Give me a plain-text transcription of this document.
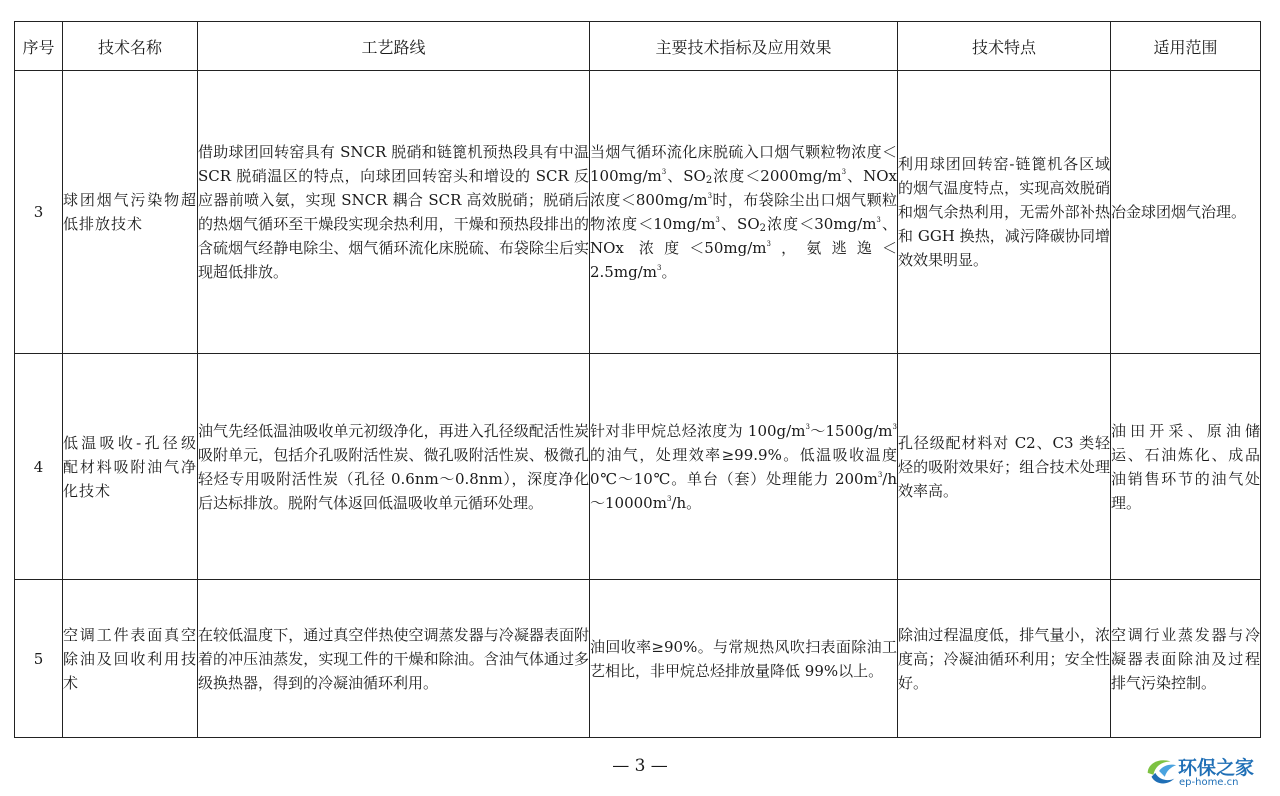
序号	技术名称	工艺路线	主要技术指标及应用效果	技术特点	适用范围
3	球团烟气污染物超低排放技术	借助球团回转窑具有 SNCR 脱硝和链篦机预热段具有中温 SCR 脱硝温区的特点，向球团回转窑头和增设的 SCR 反应器前喷入氨，实现 SNCR 耦合 SCR 高效脱硝；脱硝后的热烟气循环至干燥段实现余热利用，干燥和预热段排出的含硫烟气经静电除尘、烟气循环流化床脱硫、布袋除尘后实现超低排放。	当烟气循环流化床脱硫入口烟气颗粒物浓度$<100mg/m^3$、$SO_2$浓度$<2000mg/m^3$、NOx 浓度$<800mg/m^3$时，布袋除尘出口烟气颗粒物浓度$<10mg/m^3$、$SO_2$浓度$<30mg/m^3$、NOx 浓度$<50mg/m^3$，氨逃逸$<2.5mg/m^3$。	利用球团回转窑-链篦机各区域的烟气温度特点，实现高效脱硝和烟气余热利用，无需外部补热和 GGH 换热，减污降碳协同增效效果明显。	冶金球团烟气治理。
4	低温吸收-孔径级配材料吸附油气净化技术	油气先经低温油吸收单元初级净化，再进入孔径级配活性炭吸附单元，包括介孔吸附活性炭、微孔吸附活性炭、极微孔轻烃专用吸附活性炭（孔径 0.6nm～0.8nm），深度净化后达标排放。脱附气体返回低温吸收单元循环处理。	针对非甲烷总烃浓度为 $100g/m^3\sim 1500g/m^3$的油气，处理效率≥99.9%。低温吸收温度 0℃～10℃。单台（套）处理能力 $200m^3/h\sim 10000m^3/h$。	孔径级配材料对 C2、C3 类轻烃的吸附效果好；组合技术处理效率高。	油田开采、原油储运、石油炼化、成品油销售环节的油气处理。
5	空调工件表面真空除油及回收利用技术	在较低温度下，通过真空伴热使空调蒸发器与冷凝器表面附着的冲压油蒸发，实现工件的干燥和除油。含油气体通过多级换热器，得到的冷凝油循环利用。	油回收率≥90%。与常规热风吹扫表面除油工艺相比，非甲烷总烃排放量降低 99%以上。	除油过程温度低，排气量小，浓度高；冷凝油循环利用；安全性好。	空调行业蒸发器与冷凝器表面除油及过程排气污染控制。
— 3 —	环保之家
ep-home.cn
